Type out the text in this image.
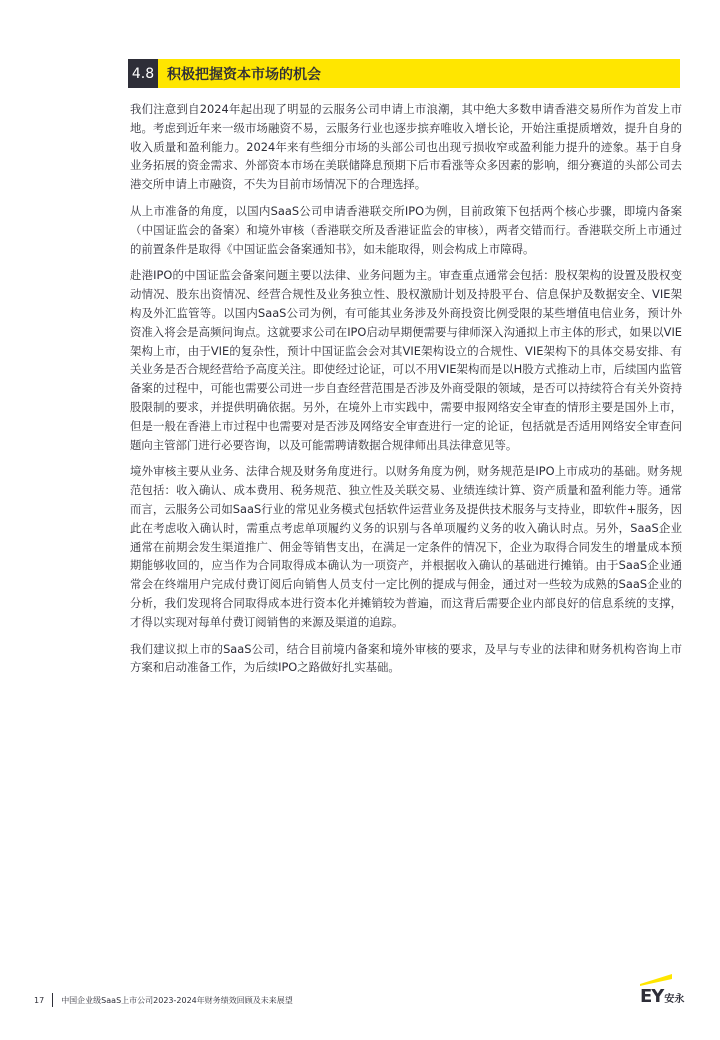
4.8 积极把握资本市场的机会

我们注意到自2024年起出现了明显的云服务公司申请上市浪潮，其中绝大多数申请香港交易所作为首发上市地。考虑到近年来一级市场融资不易，云服务行业也逐步摈弃唯收入增长论，开始注重提质增效，提升自身的收入质量和盈利能力。2024年来有些细分市场的头部公司也出现亏损收窄或盈利能力提升的迹象。基于自身业务拓展的资金需求、外部资本市场在美联储降息预期下后市看涨等众多因素的影响，细分赛道的头部公司去港交所申请上市融资，不失为目前市场情况下的合理选择。

从上市准备的角度，以国内SaaS公司申请香港联交所IPO为例，目前政策下包括两个核心步骤，即境内备案（中国证监会的备案）和境外审核（香港联交所及香港证监会的审核），两者交错而行。香港联交所上市通过的前置条件是取得《中国证监会备案通知书》，如未能取得，则会构成上市障碍。

赴港IPO的中国证监会备案问题主要以法律、业务问题为主。审查重点通常会包括：股权架构的设置及股权变动情况、股东出资情况、经营合规性及业务独立性、股权激励计划及持股平台、信息保护及数据安全、VIE架构及外汇监管等。以国内SaaS公司为例，有可能其业务涉及外商投资比例受限的某些增值电信业务，预计外资准入将会是高频问询点。这就要求公司在IPO启动早期便需要与律师深入沟通拟上市主体的形式，如果以VIE架构上市，由于VIE的复杂性，预计中国证监会会对其VIE架构设立的合规性、VIE架构下的具体交易安排、有关业务是否合规经营给予高度关注。即使经过论证，可以不用VIE架构而是以H股方式推动上市，后续国内监管备案的过程中，可能也需要公司进一步自查经营范围是否涉及外商受限的领域，是否可以持续符合有关外资持股限制的要求，并提供明确依据。另外，在境外上市实践中，需要申报网络安全审查的情形主要是国外上市，但是一般在香港上市过程中也需要对是否涉及网络安全审查进行一定的论证，包括就是否适用网络安全审查问题向主管部门进行必要咨询，以及可能需聘请数据合规律师出具法律意见等。

境外审核主要从业务、法律合规及财务角度进行。以财务角度为例，财务规范是IPO上市成功的基础。财务规范包括：收入确认、成本费用、税务规范、独立性及关联交易、业绩连续计算、资产质量和盈利能力等。通常而言，云服务公司如SaaS行业的常见业务模式包括软件运营业务及提供技术服务与支持业，即软件+服务，因此在考虑收入确认时，需重点考虑单项履约义务的识别与各单项履约义务的收入确认时点。另外，SaaS企业通常在前期会发生渠道推广、佣金等销售支出，在满足一定条件的情况下，企业为取得合同发生的增量成本预期能够收回的，应当作为合同取得成本确认为一项资产，并根据收入确认的基础进行摊销。由于SaaS企业通常会在终端用户完成付费订阅后向销售人员支付一定比例的提成与佣金，通过对一些较为成熟的SaaS企业的分析，我们发现将合同取得成本进行资本化并摊销较为普遍，而这背后需要企业内部良好的信息系统的支撑，才得以实现对每单付费订阅销售的来源及渠道的追踪。

我们建议拟上市的SaaS公司，结合目前境内备案和境外审核的要求，及早与专业的法律和财务机构咨询上市方案和启动准备工作，为后续IPO之路做好扎实基础。

17 中国企业级SaaS上市公司2023-2024年财务绩效回顾及未来展望	EY 安永
